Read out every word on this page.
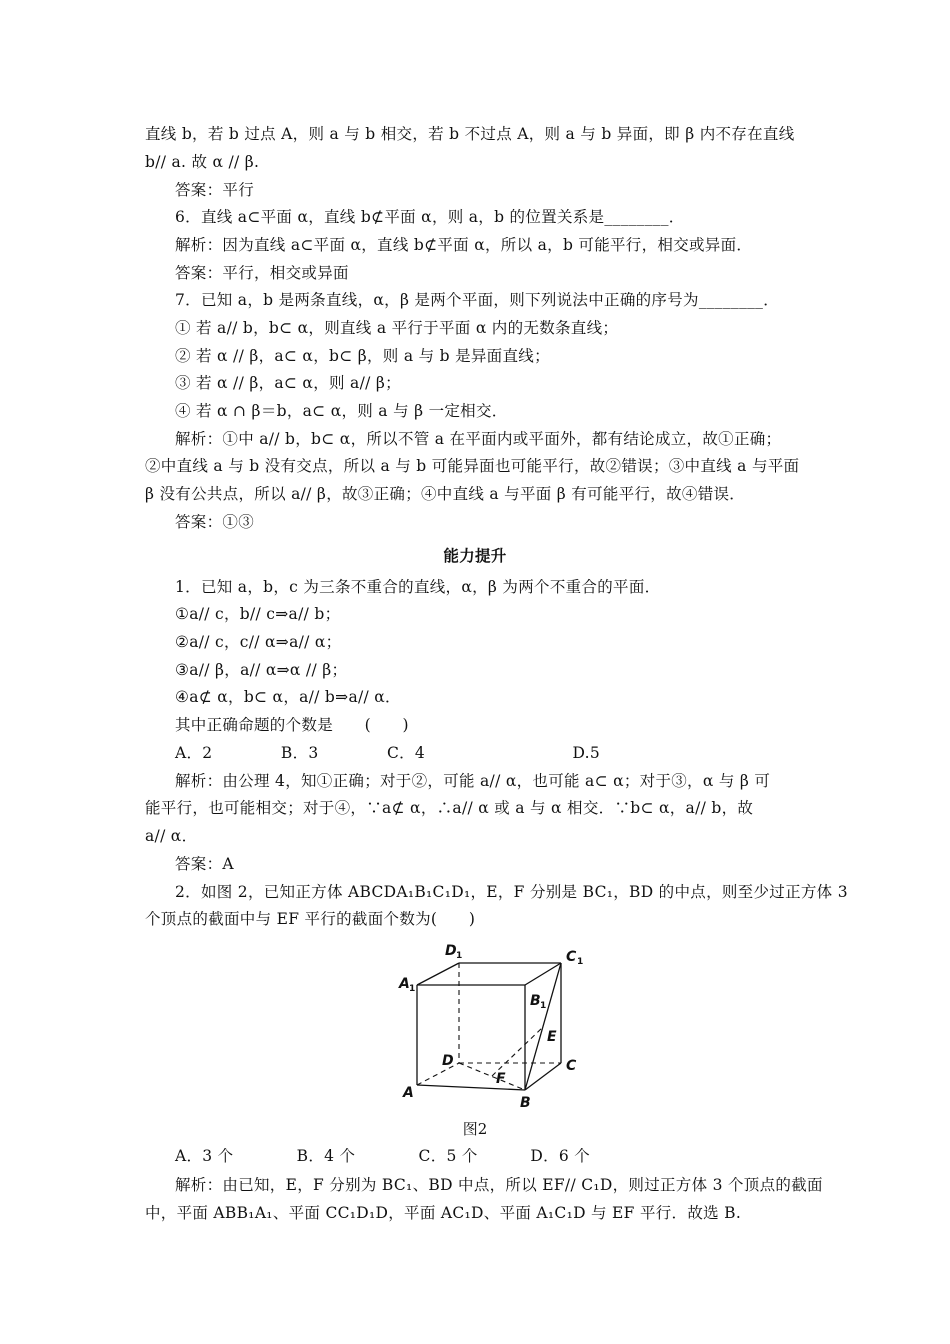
直线 b，若 b 过点 A，则 a 与 b 相交，若 b 不过点 A，则 a 与 b 异面，即 β 内不存在直线
b// a. 故 α // β.
答案：平行
6．直线 a⊂平面 α，直线 b⊄平面 α，则 a，b 的位置关系是________．
解析：因为直线 a⊂平面 α，直线 b⊄平面 α，所以 a，b 可能平行，相交或异面．
答案：平行，相交或异面
7．已知 a，b 是两条直线，α，β 是两个平面，则下列说法中正确的序号为________．
① 若 a// b，b⊂ α，则直线 a 平行于平面 α 内的无数条直线；
② 若 α // β，a⊂ α，b⊂ β，则 a 与 b 是异面直线；
③ 若 α // β，a⊂ α，则 a// β；
④ 若 α ∩ β＝b，a⊂ α，则 a 与 β 一定相交．
解析：①中 a// b，b⊂ α，所以不管 a 在平面内或平面外，都有结论成立，故①正确；
②中直线 a 与 b 没有交点，所以 a 与 b 可能异面也可能平行，故②错误；③中直线 a 与平面
β 没有公共点，所以 a// β，故③正确；④中直线 a 与平面 β 有可能平行，故④错误．
答案：①③
能力提升
1．已知 a，b，c 为三条不重合的直线，α，β 为两个不重合的平面．
①a// c，b// c⇒a// b；
②a// c，c// α⇒a// α；
③a// β，a// α⇒α // β；
④a⊄ α，b⊂ α，a// b⇒a// α．
其中正确命题的个数是　　(　　)
A．2　　　　 B．3　　　　 C．4　　　　　　　　　 D.5
解析：由公理 4，知①正确；对于②，可能 a// α，也可能 a⊂ α；对于③，α 与 β 可
能平行，也可能相交；对于④，∵a⊄ α，∴a// α 或 a 与 α 相交．∵b⊂ α，a// b，故
a// α．
答案：A
2．如图 2，已知正方体 ABCDA₁B₁C₁D₁，E，F 分别是 BC₁，BD 的中点，则至少过正方体 3
个顶点的截面中与 EF 平行的截面个数为(　　)
D 1	C 1
A 1
B 1
E
D	C
F
A
B
图2
A．3 个　　　　B．4 个　　　　C．5 个　　　 D．6 个
解析：由已知，E，F 分别为 BC₁、BD 中点，所以 EF// C₁D，则过正方体 3 个顶点的截面
中，平面 ABB₁A₁、平面 CC₁D₁D，平面 AC₁D、平面 A₁C₁D 与 EF 平行．故选 B.
